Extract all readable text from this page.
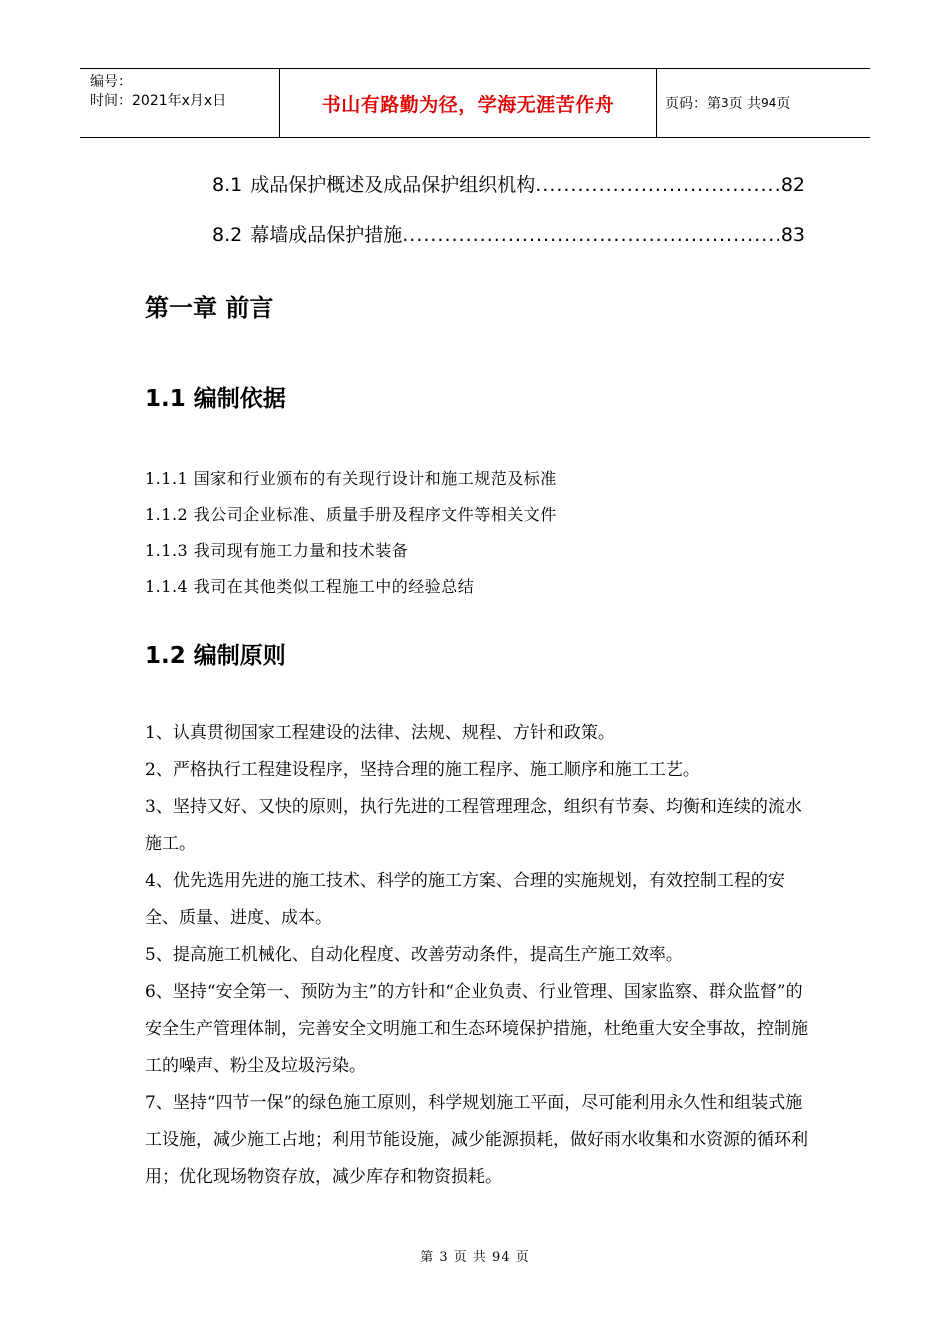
编号：
时间：2021年x月x日	书山有路勤为径，学海无涯苦作舟	页码：第 3 页 共 94 页
8.1 成品保护概述及成品保护组织机构 .....	82
8.2 幕墙成品保护措施 .....	83
第一章 前言
1.1 编制依据
1.1.1 国家和行业颁布的有关现行设计和施工规范及标准
1.1.2 我公司企业标准、质量手册及程序文件等相关文件
1.1.3 我司现有施工力量和技术装备
1.1.4 我司在其他类似工程施工中的经验总结
1.2 编制原则
1、认真贯彻国家工程建设的法律、法规、规程、方针和政策。
2、严格执行工程建设程序，坚持合理的施工程序、施工顺序和施工工艺。
3、坚持又好、又快的原则，执行先进的工程管理理念，组织有节奏、均衡和连续的流水施工。
4、优先选用先进的施工技术、科学的施工方案、合理的实施规划，有效控制工程的安全、质量、进度、成本。
5、提高施工机械化、自动化程度、改善劳动条件，提高生产施工效率。
6、坚持“安全第一、预防为主”的方针和“企业负责、行业管理、国家监察、群众监督”的安全生产管理体制，完善安全文明施工和生态环境保护措施，杜绝重大安全事故，控制施工的噪声、粉尘及垃圾污染。
7、坚持“四节一保”的绿色施工原则，科学规划施工平面，尽可能利用永久性和组装式施工设施，减少施工占地；利用节能设施，减少能源损耗，做好雨水收集和水资源的循环利用；优化现场物资存放，减少库存和物资损耗。
第 3 页 共 94 页
